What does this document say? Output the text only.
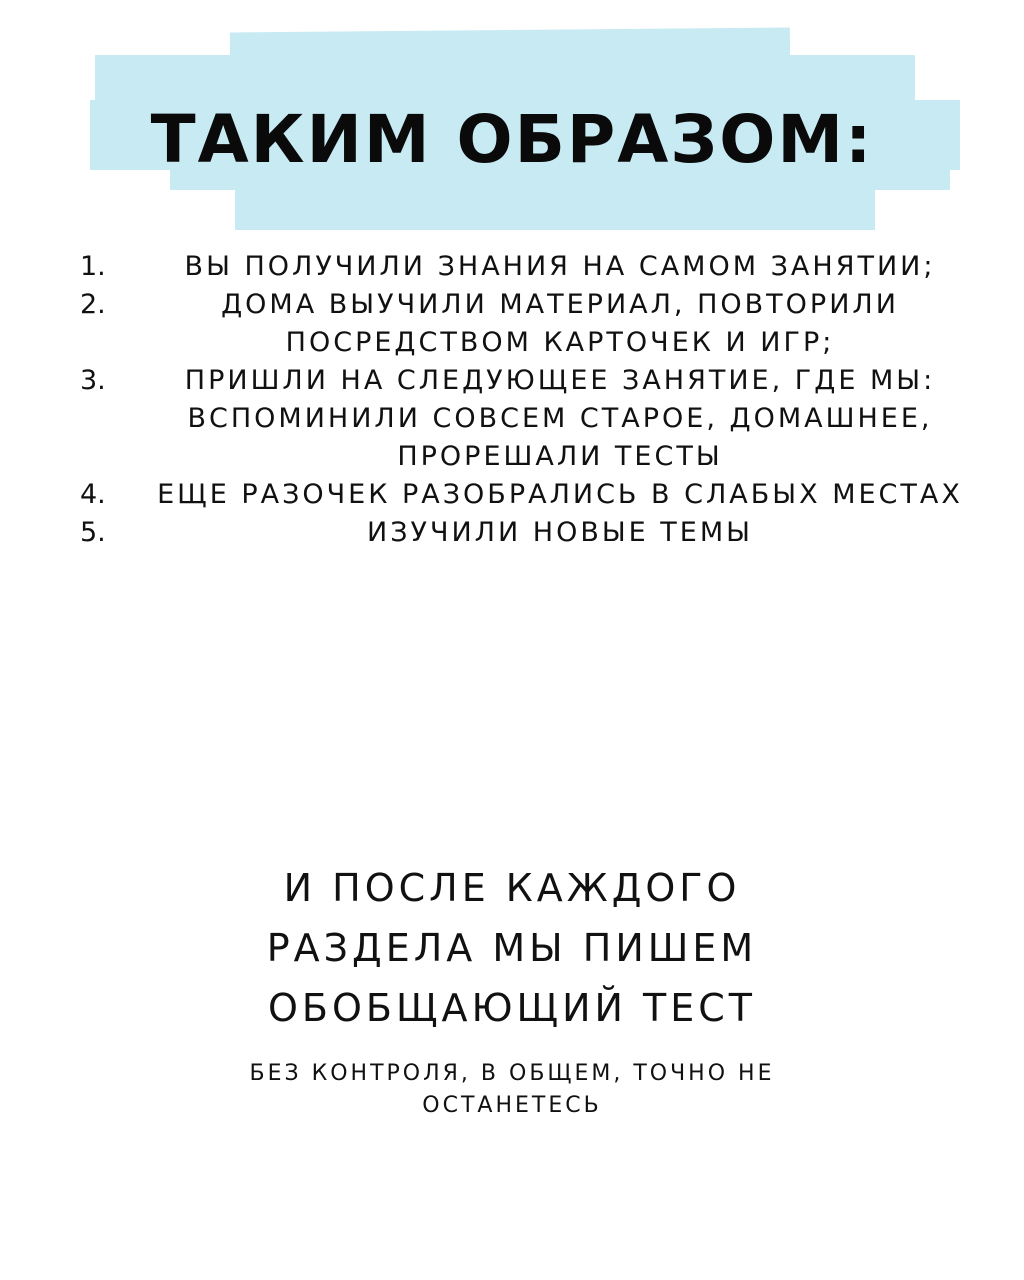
ТАКИМ ОБРАЗОМ:
1.	ВЫ ПОЛУЧИЛИ ЗНАНИЯ НА САМОМ ЗАНЯТИИ;
2.	ДОМА ВЫУЧИЛИ МАТЕРИАЛ, ПОВТОРИЛИ ПОСРЕДСТВОМ КАРТОЧЕК И ИГР;
3.	ПРИШЛИ НА СЛЕДУЮЩЕЕ ЗАНЯТИЕ, ГДЕ МЫ: ВСПОМИНИЛИ СОВСЕМ СТАРОЕ, ДОМАШНЕЕ, ПРОРЕШАЛИ ТЕСТЫ
4.	ЕЩЕ РАЗОЧЕК РАЗОБРАЛИСЬ В СЛАБЫХ МЕСТАХ
5.	ИЗУЧИЛИ НОВЫЕ ТЕМЫ
И ПОСЛЕ КАЖДОГО РАЗДЕЛА МЫ ПИШЕМ ОБОБЩАЮЩИЙ ТЕСТ
БЕЗ КОНТРОЛЯ, В ОБЩЕМ, ТОЧНО НЕ ОСТАНЕТЕСЬ
